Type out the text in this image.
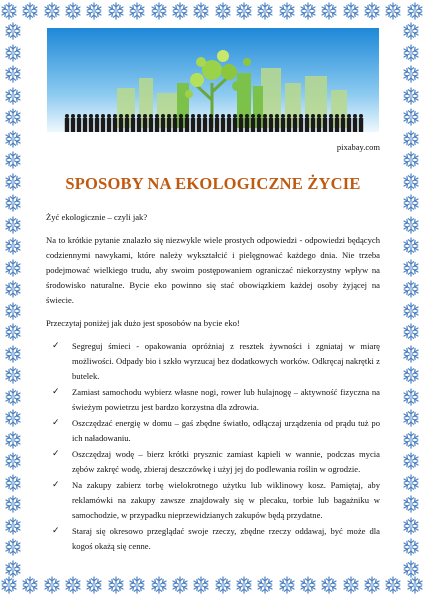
pixabay.com
SPOSOBY NA EKOLOGICZNE ŻYCIE

Żyć ekologicznie – czyli jak?

Na to krótkie pytanie znalazło się niezwykle wiele prostych odpowiedzi - odpowiedzi będących codziennymi nawykami, które należy wykształcić i pielęgnować każdego dnia. Nie trzeba podejmować wielkiego trudu, aby swoim postępowaniem ograniczać niekorzystny wpływ na środowisko naturalne. Bycie eko powinno się stać obowiązkiem każdej osoby żyjącej na świecie.

Przeczytaj poniżej jak dużo jest sposobów na bycie eko!

✓ Segreguj śmieci - opakowania opróżniaj z resztek żywności i zgniataj w miarę możliwości. Odpady bio i szkło wyrzucaj bez dodatkowych worków. Odkręcaj nakrętki z butelek.
✓ Zamiast samochodu wybierz własne nogi, rower lub hulajnogę – aktywność fizyczna na świeżym powietrzu jest bardzo korzystna dla zdrowia.
✓ Oszczędzać energię w domu – gaś zbędne światło, odłączaj urządzenia od prądu tuż po ich naładowaniu.
✓ Oszczędzaj wodę – bierz krótki prysznic zamiast kąpieli w wannie, podczas mycia zębów zakręć wodę, zbieraj deszczówkę i użyj jej do podlewania roślin w ogrodzie.
✓ Na zakupy zabierz torbę wielokrotnego użytku lub wiklinowy kosz. Pamiętaj, aby reklamówki na zakupy zawsze znajdowały się w plecaku, torbie lub bagażniku w samochodzie, w przypadku nieprzewidzianych zakupów będą przydatne.
✓ Staraj się okresowo przeglądać swoje rzeczy, zbędne rzeczy oddawaj, być może dla kogoś okażą się cenne.
